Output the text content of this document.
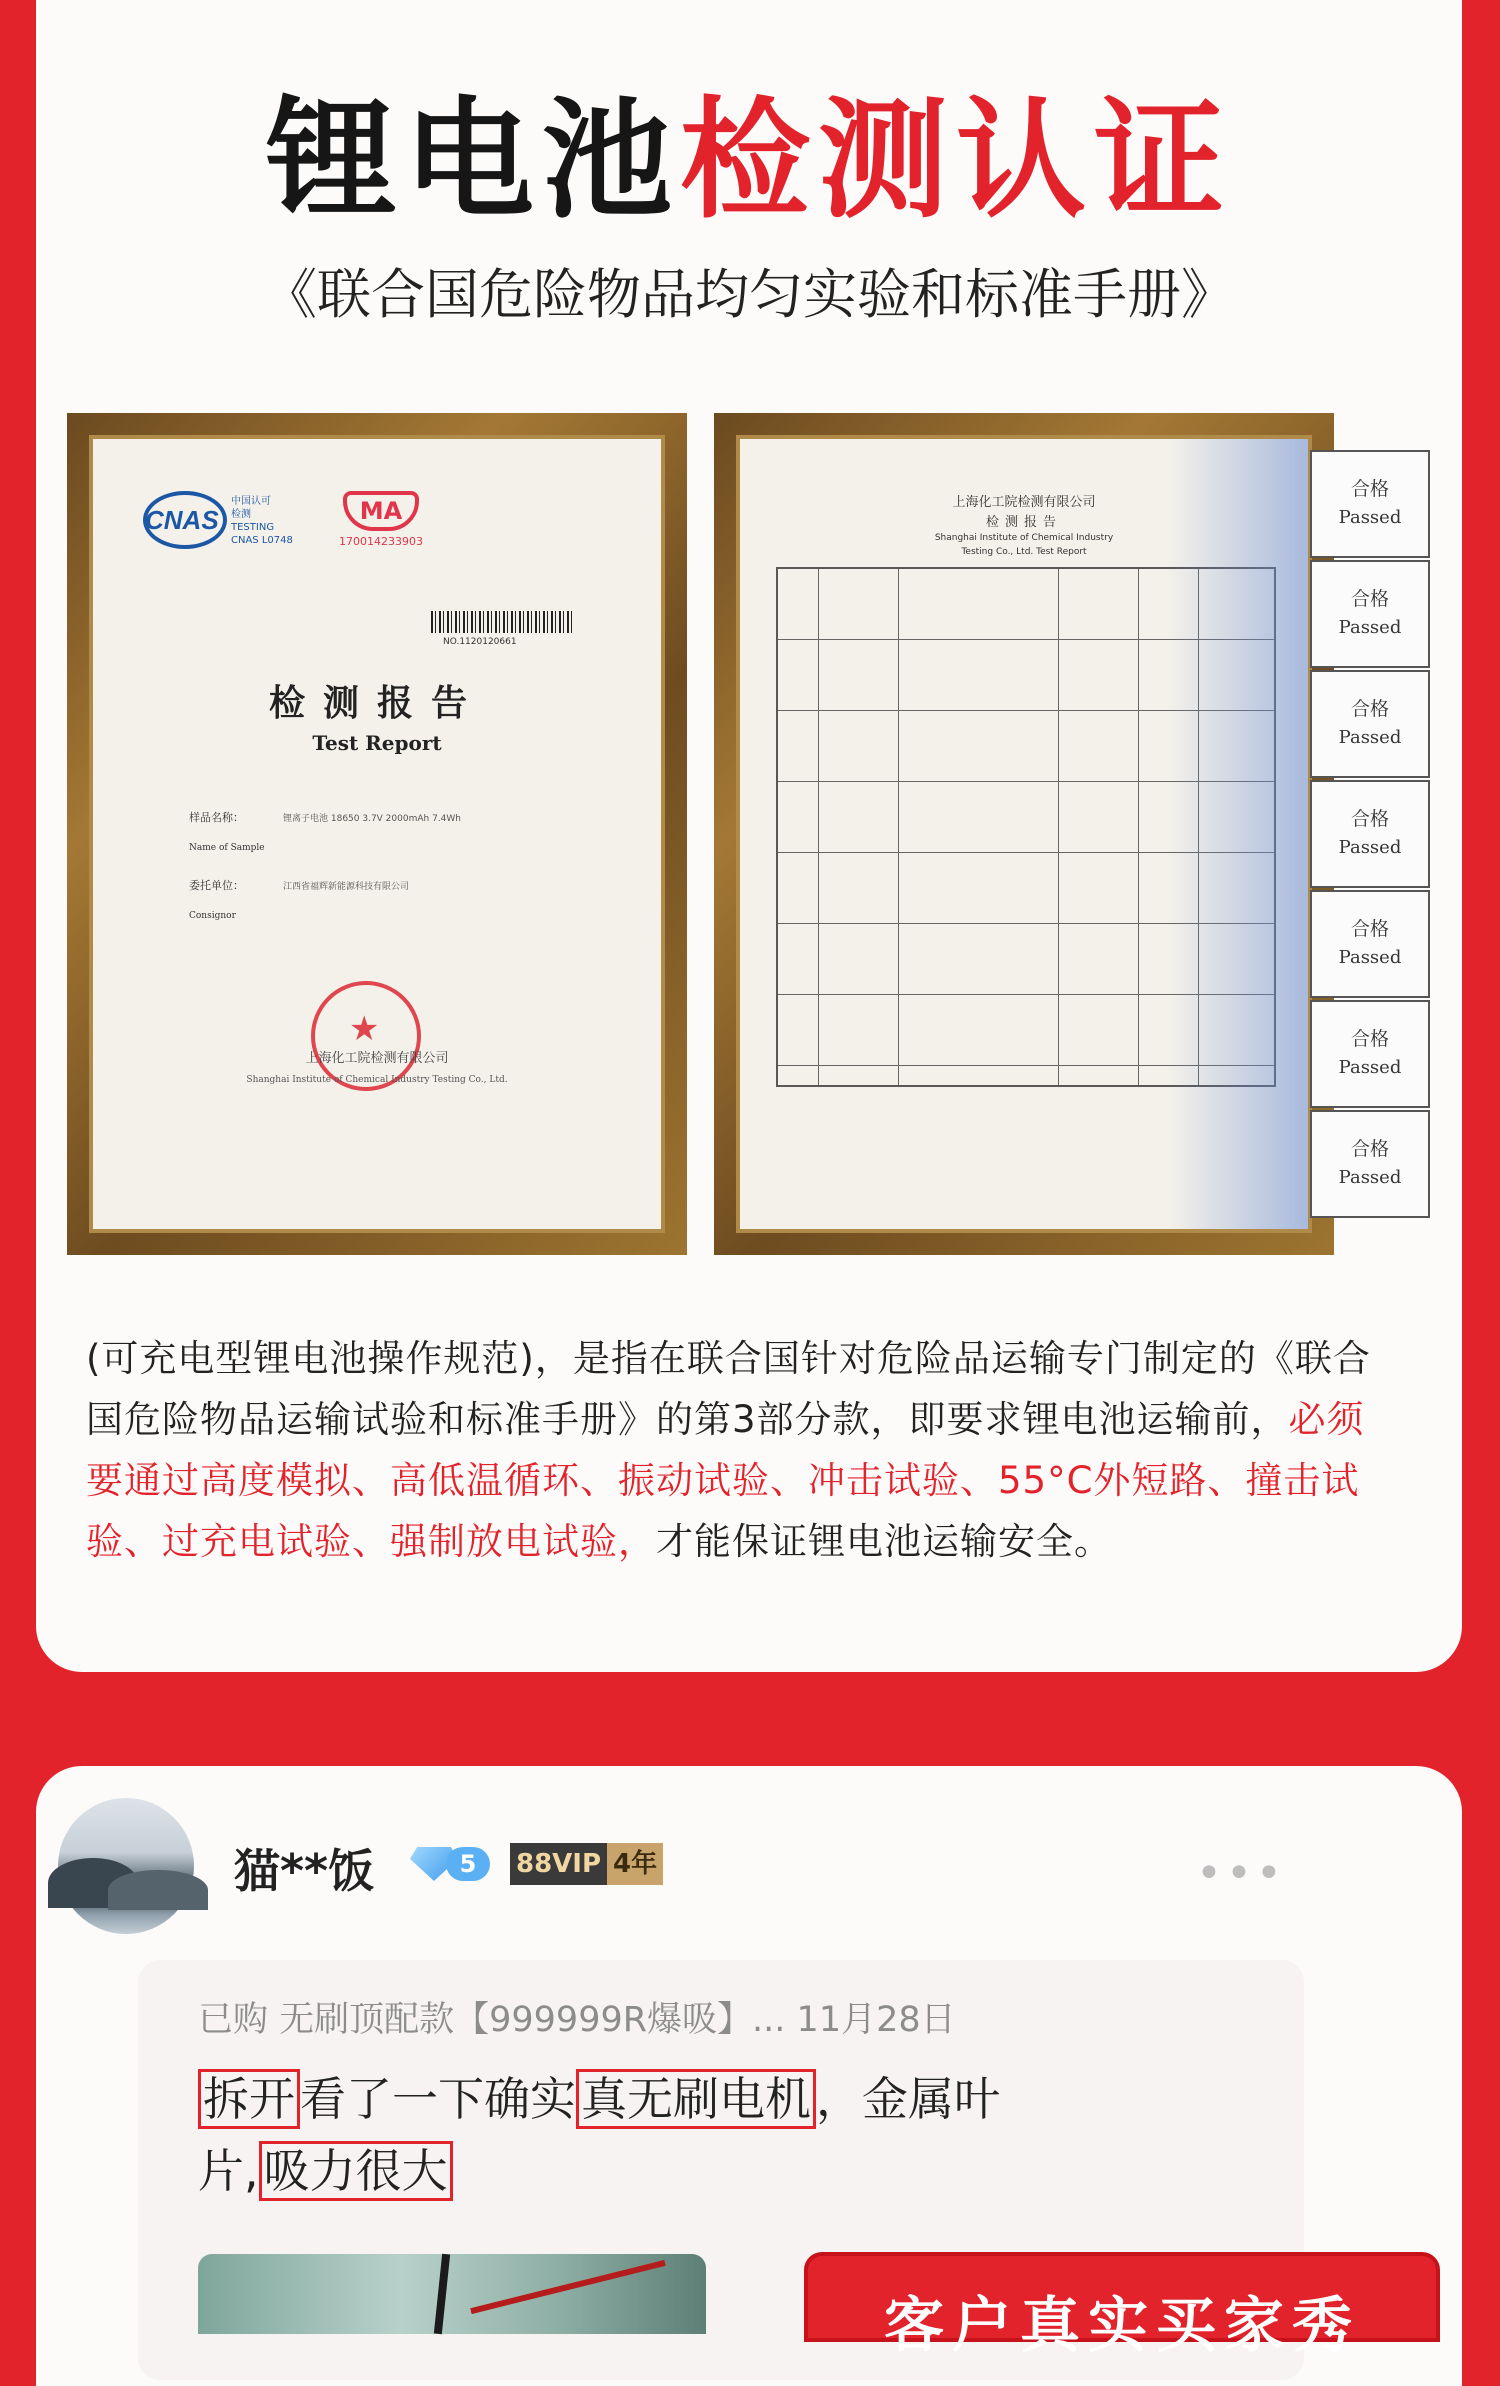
锂电池检测认证
《联合国危险物品均匀实验和标准手册》
CNAS
中国认可
检测
TESTING
CNAS L0748
MA
170014233903
NO.1120120661
检测报告
Test Report
样品名称：	锂离子电池 18650 3.7V 2000mAh 7.4Wh
Name of Sample
委托单位：	江西省福辉新能源科技有限公司
Consignor
★
上海化工院检测有限公司
Shanghai Institute of Chemical Industry Testing Co., Ltd.
上海化工院检测有限公司
检测报告
Shanghai Institute of Chemical Industry
Testing Co., Ltd. Test Report
合格
Passed
合格
Passed
合格
Passed
合格
Passed
合格
Passed
合格
Passed
合格
Passed
(可充电型锂电池操作规范)，是指在联合国针对危险品运输专门制定的《联合国危险物品运输试验和标准手册》的第3部分款，即要求锂电池运输前，必须要通过高度模拟、高低温循环、振动试验、冲击试验、55°C外短路、撞击试验、过充电试验、强制放电试验，才能保证锂电池运输安全。
猫**饭	5	88VIP 4年	•••
已购 无刷顶配款【999999R爆吸】... 11月28日
拆开 看了一下确实 真无刷电机 ，金属叶片, 吸力很大
客户真实买家秀
